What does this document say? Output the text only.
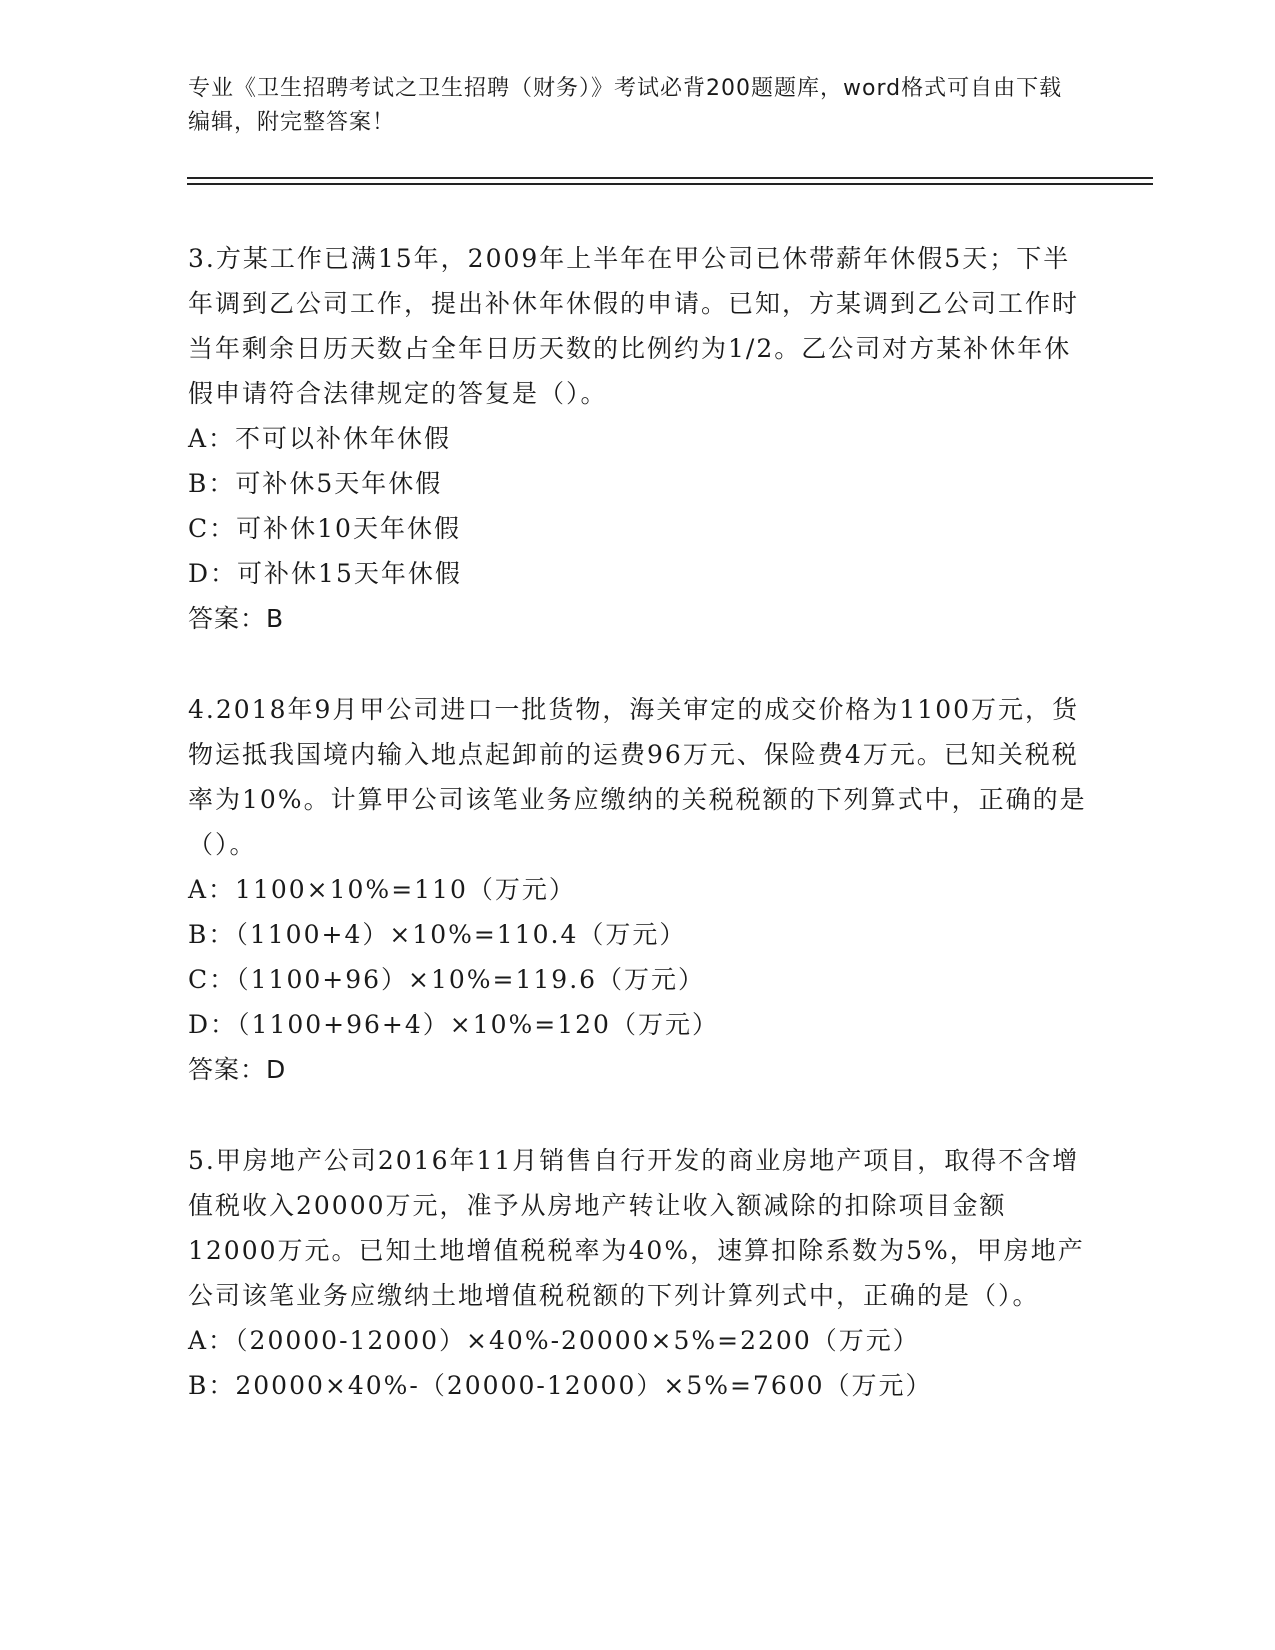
专业《卫生招聘考试之卫生招聘（财务）》考试必背200题题库，word格式可自由下载编辑，附完整答案！

3.方某工作已满15年，2009年上半年在甲公司已休带薪年休假5天；下半年调到乙公司工作，提出补休年休假的申请。已知，方某调到乙公司工作时当年剩余日历天数占全年日历天数的比例约为1/2。乙公司对方某补休年休假申请符合法律规定的答复是（）。

A：不可以补休年休假
B：可补休5天年休假
C：可补休10天年休假
D：可补休15天年休假

答案：B

4.2018年9月甲公司进口一批货物，海关审定的成交价格为1100万元，货物运抵我国境内输入地点起卸前的运费96万元、保险费4万元。已知关税税率为10%。计算甲公司该笔业务应缴纳的关税税额的下列算式中，正确的是（）。

A：1100×10%=110（万元）
B：（1100+4）×10%=110.4（万元）
C：（1100+96）×10%=119.6（万元）
D：（1100+96+4）×10%=120（万元）

答案：D

5.甲房地产公司2016年11月销售自行开发的商业房地产项目，取得不含增值税收入20000万元，准予从房地产转让收入额减除的扣除项目金额12000万元。已知土地增值税税率为40%，速算扣除系数为5%，甲房地产公司该笔业务应缴纳土地增值税税额的下列计算列式中，正确的是（）。

A：（20000-12000）×40%-20000×5%=2200（万元）
B：20000×40%-（20000-12000）×5%=7600（万元）
